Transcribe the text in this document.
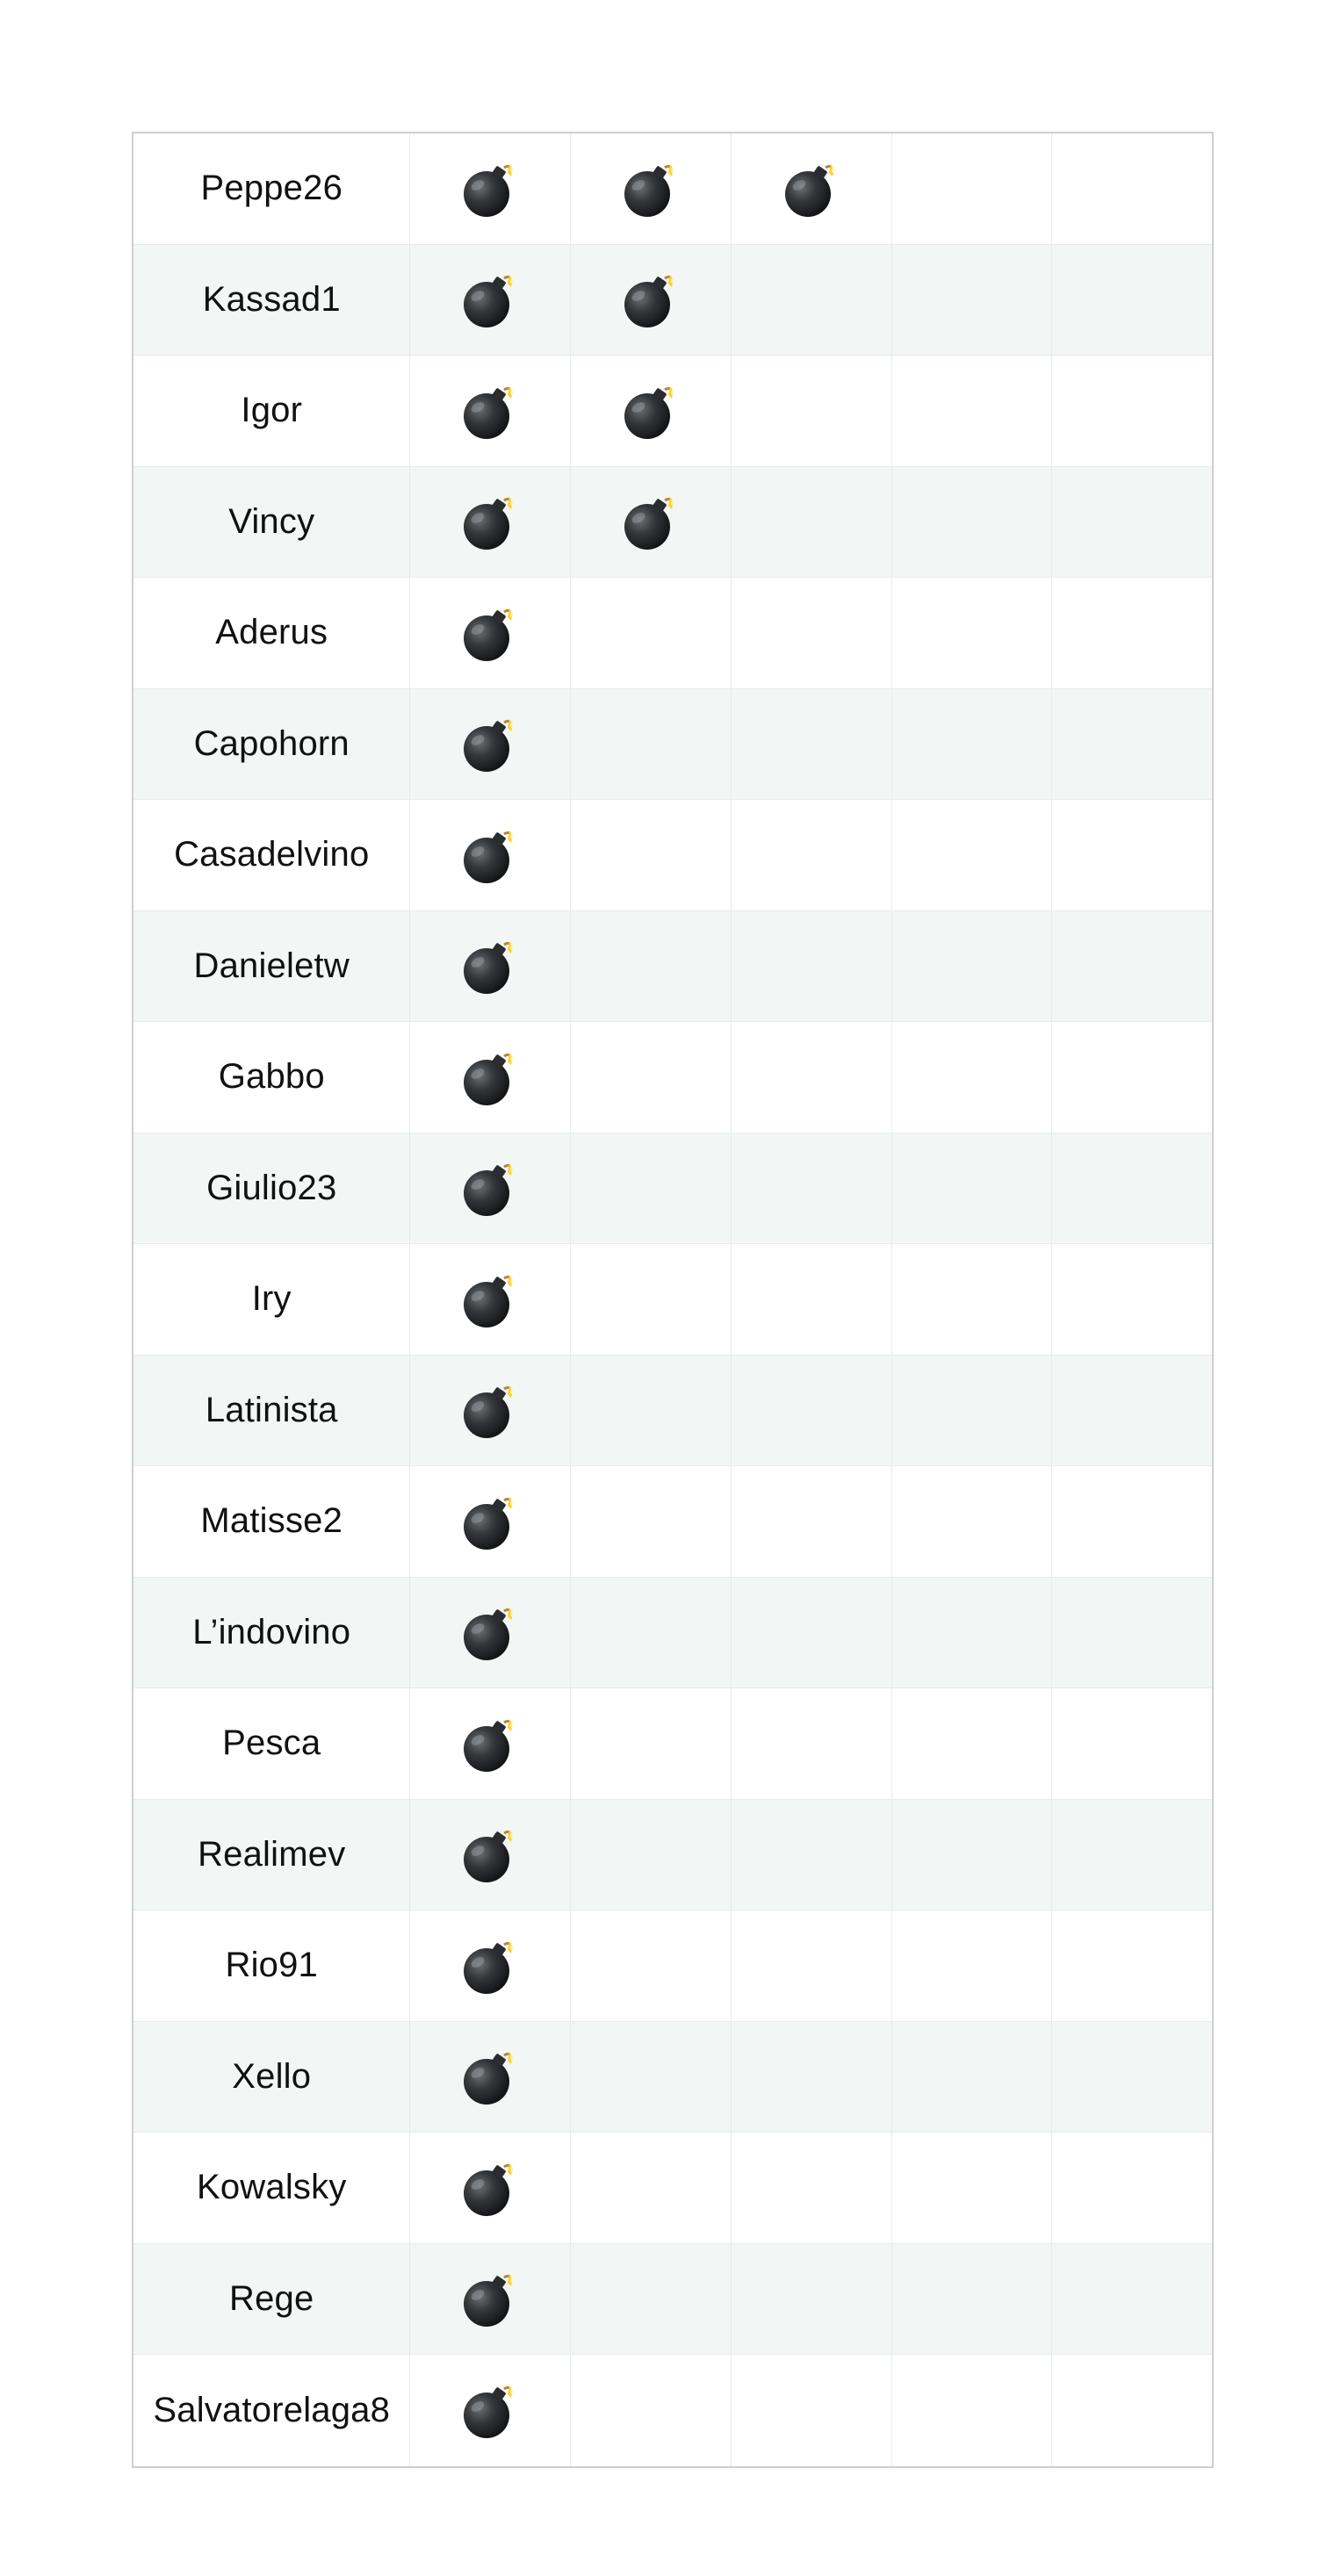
Peppe26
Kassad1
Igor
Vincy
Aderus
Capohorn
Casadelvino
Danieletw
Gabbo
Giulio23
Iry
Latinista
Matisse2
L’indovino
Pesca
Realimev
Rio91
Xello
Kowalsky
Rege
Salvatorelaga8
